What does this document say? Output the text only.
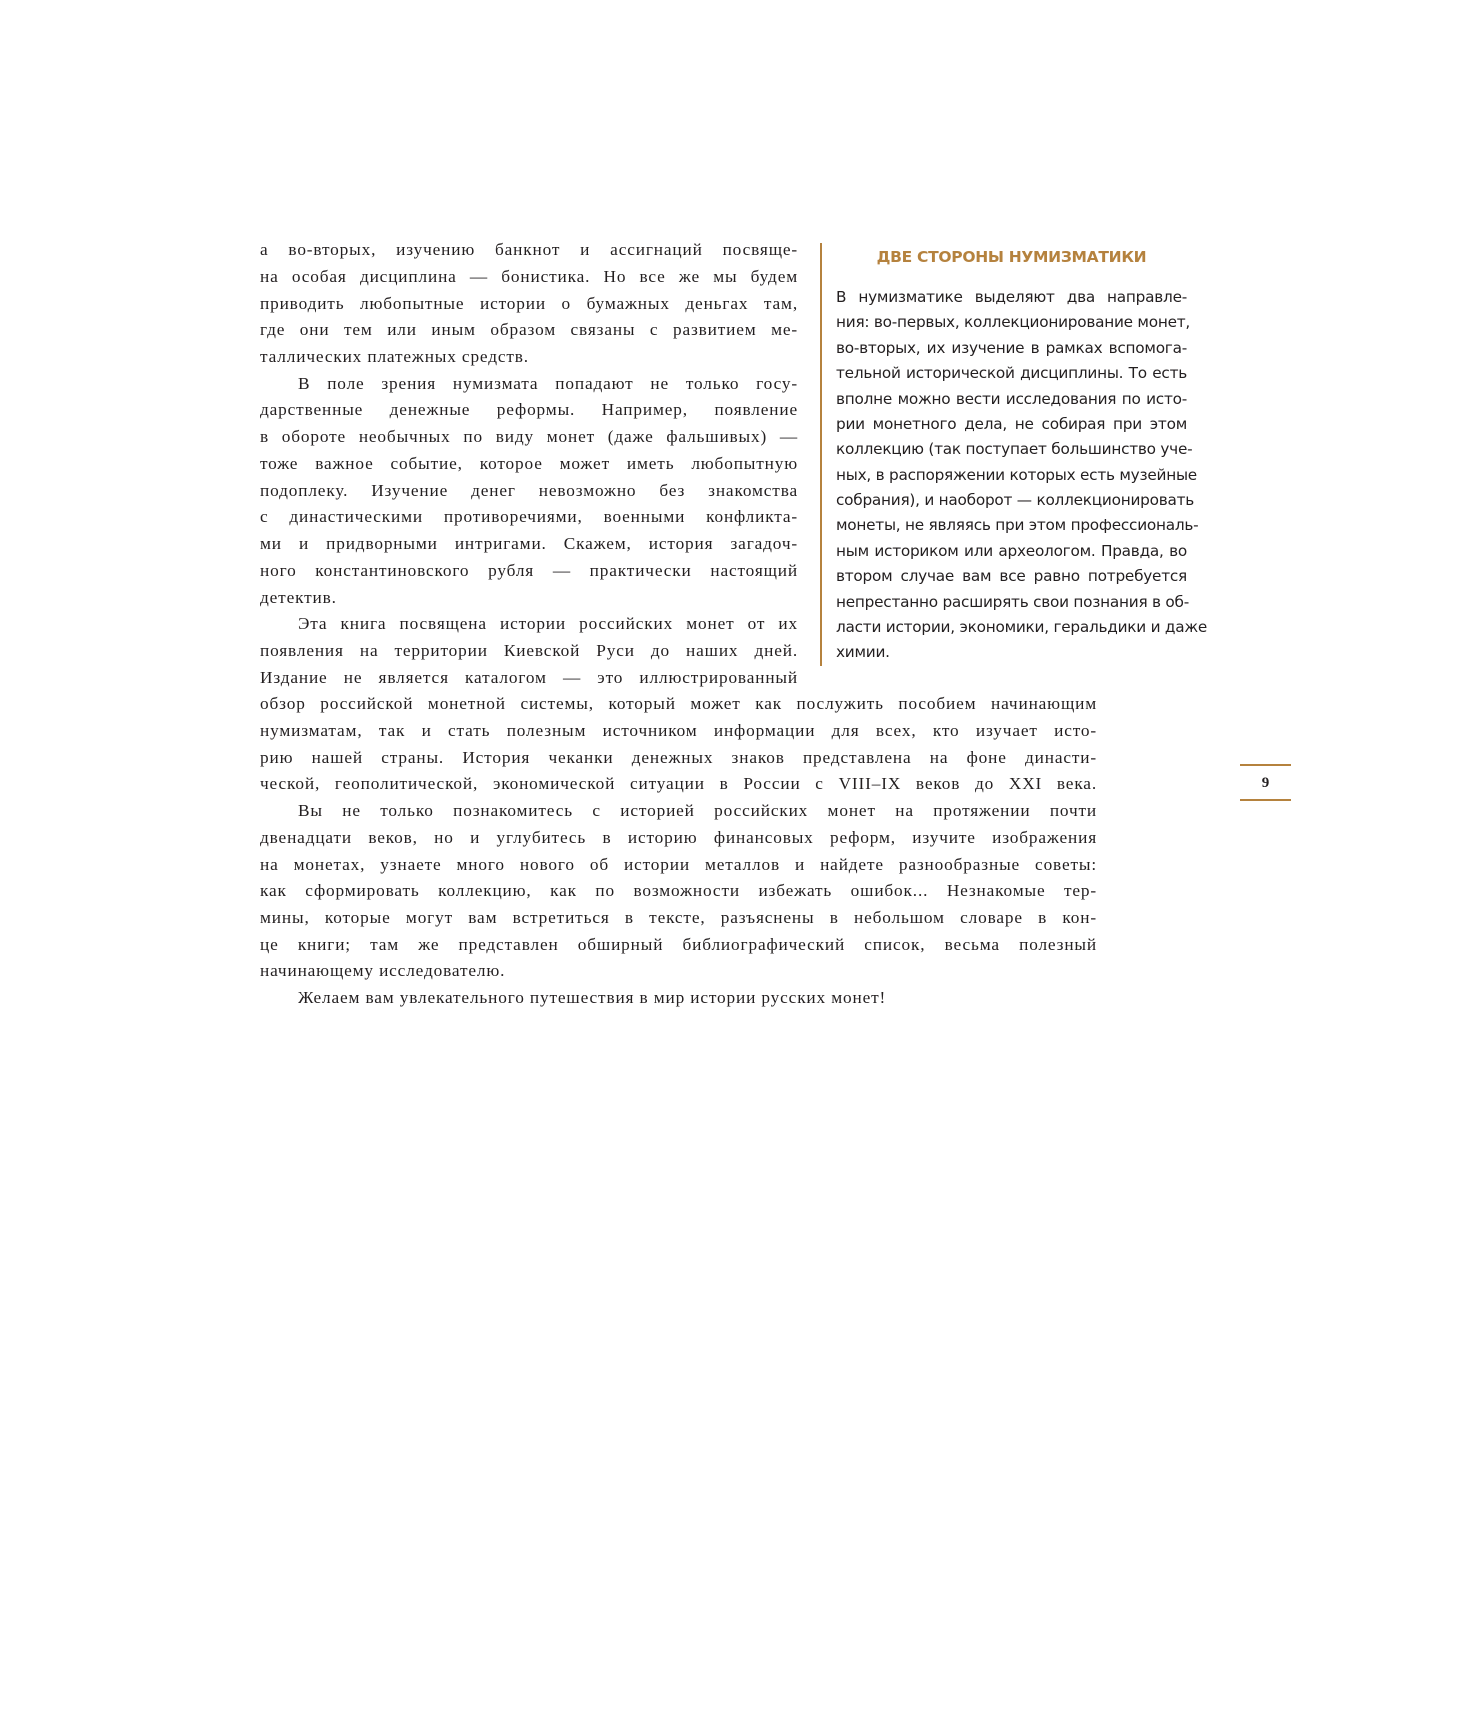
а во-вторых, изучению банкнот и ассигнаций посвяще-
на особая дисциплина — бонистика. Но все же мы будем
приводить любопытные истории о бумажных деньгах там,
где они тем или иным образом связаны с развитием ме-
таллических платежных средств.
В поле зрения нумизмата попадают не только госу-
дарственные денежные реформы. Например, появление
в обороте необычных по виду монет (даже фальшивых) —
тоже важное событие, которое может иметь любопытную
подоплеку. Изучение денег невозможно без знакомства
с династическими противоречиями, военными конфликта-
ми и придворными интригами. Скажем, история загадоч-
ного константиновского рубля — практически настоящий
детектив.
Эта книга посвящена истории российских монет от их
появления на территории Киевской Руси до наших дней.
Издание не является каталогом — это иллюстрированный
обзор российской монетной системы, который может как послужить пособием начинающим
нумизматам, так и стать полезным источником информации для всех, кто изучает исто-
рию нашей страны. История чеканки денежных знаков представлена на фоне династи-
ческой, геополитической, экономической ситуации в России с VIII–IX веков до XXI века.
Вы не только познакомитесь с историей российских монет на протяжении почти
двенадцати веков, но и углубитесь в историю финансовых реформ, изучите изображения
на монетах, узнаете много нового об истории металлов и найдете разнообразные советы:
как сформировать коллекцию, как по возможности избежать ошибок... Незнакомые тер-
мины, которые могут вам встретиться в тексте, разъяснены в небольшом словаре в кон-
це книги; там же представлен обширный библиографический список, весьма полезный
начинающему исследователю.
Желаем вам увлекательного путешествия в мир истории русских монет!
ДВЕ СТОРОНЫ НУМИЗМАТИКИ
В нумизматике выделяют два направле-
ния: во-первых, коллекционирование монет,
во-вторых, их изучение в рамках вспомога-
тельной исторической дисциплины. То есть
вполне можно вести исследования по исто-
рии монетного дела, не собирая при этом
коллекцию (так поступает большинство уче-
ных, в распоряжении которых есть музейные
собрания), и наоборот — коллекционировать
монеты, не являясь при этом профессиональ-
ным историком или археологом. Правда, во
втором случае вам все равно потребуется
непрестанно расширять свои познания в об-
ласти истории, экономики, геральдики и даже
химии.
9
